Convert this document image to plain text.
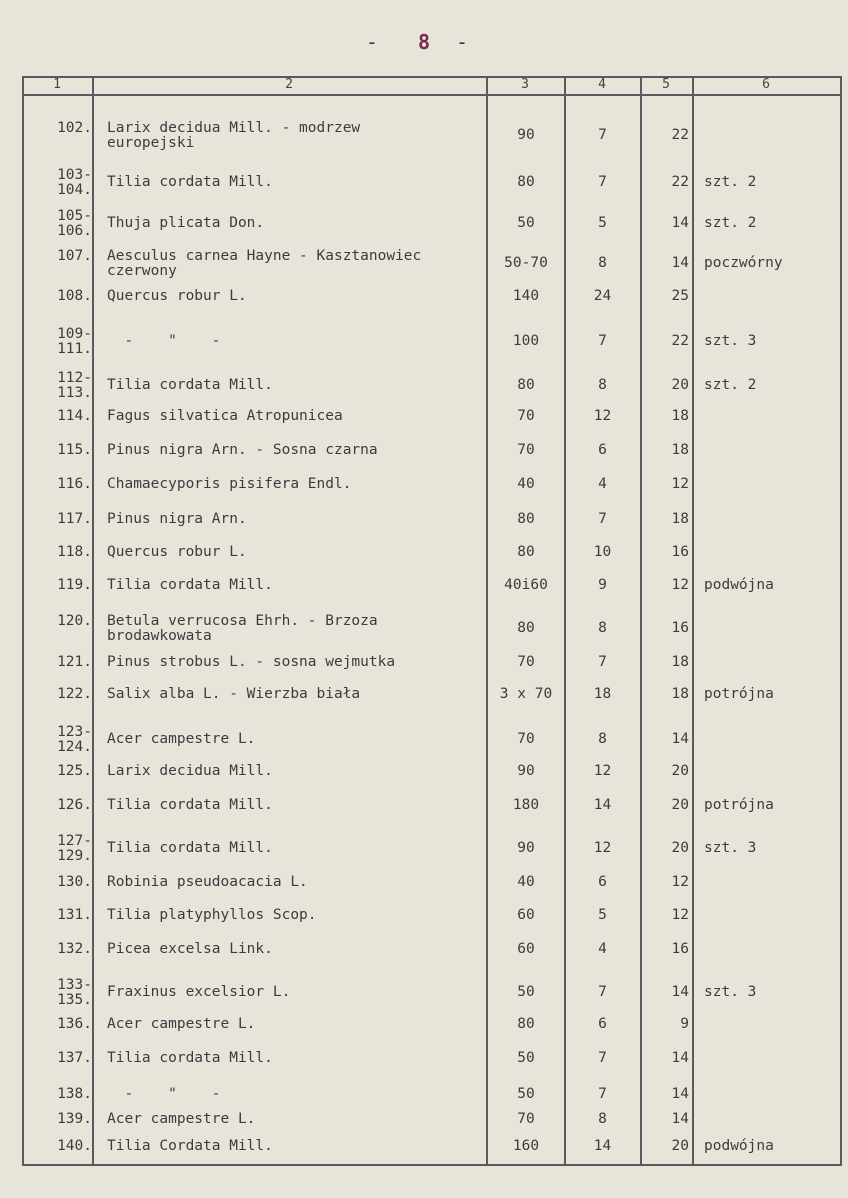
- 8 -
1	2	3	4	5	6
102. Larix decidua Mill. - modrzew
europejski	90	7	22
103-
104. Tilia cordata Mill.	80	7	22 szt. 2
105-
106. Thuja plicata Don.	50	5	14 szt. 2
107. Aesculus carnea Hayne - Kasztanowiec
czerwony	50-70	8	14 poczwórny
108. Quercus robur L.	140	24	25
109-
111. -    "    -	100	7	22 szt. 3
112-
113. Tilia cordata Mill.	80	8	20 szt. 2
114. Fagus silvatica Atropunicea	70	12	18
115. Pinus nigra Arn. - Sosna czarna	70	6	18
116. Chamaecyporis pisifera Endl.	40	4	12
117. Pinus nigra Arn.	80	7	18
118. Quercus robur L.	80	10	16
119. Tilia cordata Mill.	40i60	9	12 podwójna
120. Betula verrucosa Ehrh. - Brzoza
brodawkowata	80	8	16
121. Pinus strobus L. - sosna wejmutka	70	7	18
122. Salix alba L. - Wierzba biała	3 x 70	18	18 potrójna
123-
124. Acer campestre L.	70	8	14
125. Larix decidua Mill.	90	12	20
126. Tilia cordata Mill.	180	14	20 potrójna
127-
129. Tilia cordata Mill.	90	12	20 szt. 3
130. Robinia pseudoacacia L.	40	6	12
131. Tilia platyphyllos Scop.	60	5	12
132. Picea excelsa Link.	60	4	16
133-
135. Fraxinus excelsior L.	50	7	14 szt. 3
136. Acer campestre L.	80	6	9
137. Tilia cordata Mill.	50	7	14
138. -    "    -	50	7	14
139. Acer campestre L.	70	8	14
140. Tilia Cordata Mill.	160	14	20 podwójna
